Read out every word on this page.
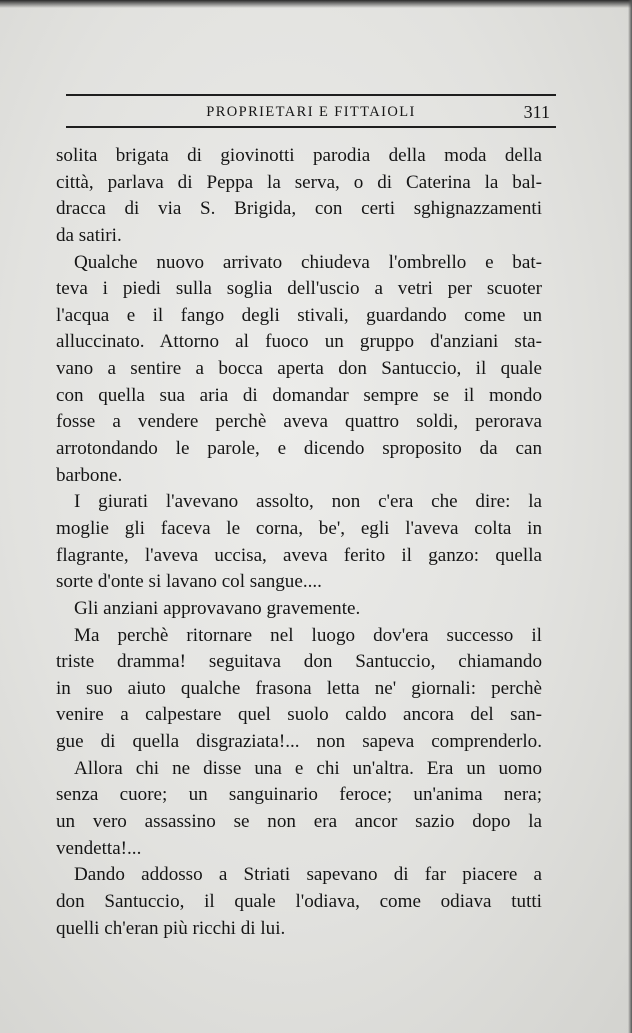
PROPRIETARI E FITTAIOLI	311
solita brigata di giovinotti parodia della moda della
città, parlava di Peppa la serva, o di Caterina la bal-
dracca di via S. Brigida, con certi sghignazzamenti
da satiri.
Qualche nuovo arrivato chiudeva l'ombrello e bat-
teva i piedi sulla soglia dell'uscio a vetri per scuoter
l'acqua e il fango degli stivali, guardando come un
alluccinato. Attorno al fuoco un gruppo d'anziani sta-
vano a sentire a bocca aperta don Santuccio, il quale
con quella sua aria di domandar sempre se il mondo
fosse a vendere perchè aveva quattro soldi, perorava
arrotondando le parole, e dicendo sproposito da can
barbone.
I giurati l'avevano assolto, non c'era che dire: la
moglie gli faceva le corna, be', egli l'aveva colta in
flagrante, l'aveva uccisa, aveva ferito il ganzo: quella
sorte d'onte si lavano col sangue....
Gli anziani approvavano gravemente.
Ma perchè ritornare nel luogo dov'era successo il
triste dramma! seguitava don Santuccio, chiamando
in suo aiuto qualche frasona letta ne' giornali: perchè
venire a calpestare quel suolo caldo ancora del san-
gue di quella disgraziata!... non sapeva comprenderlo.
Allora chi ne disse una e chi un'altra. Era un uomo
senza cuore; un sanguinario feroce; un'anima nera;
un vero assassino se non era ancor sazio dopo la
vendetta!...
Dando addosso a Striati sapevano di far piacere a
don Santuccio, il quale l'odiava, come odiava tutti
quelli ch'eran più ricchi di lui.
